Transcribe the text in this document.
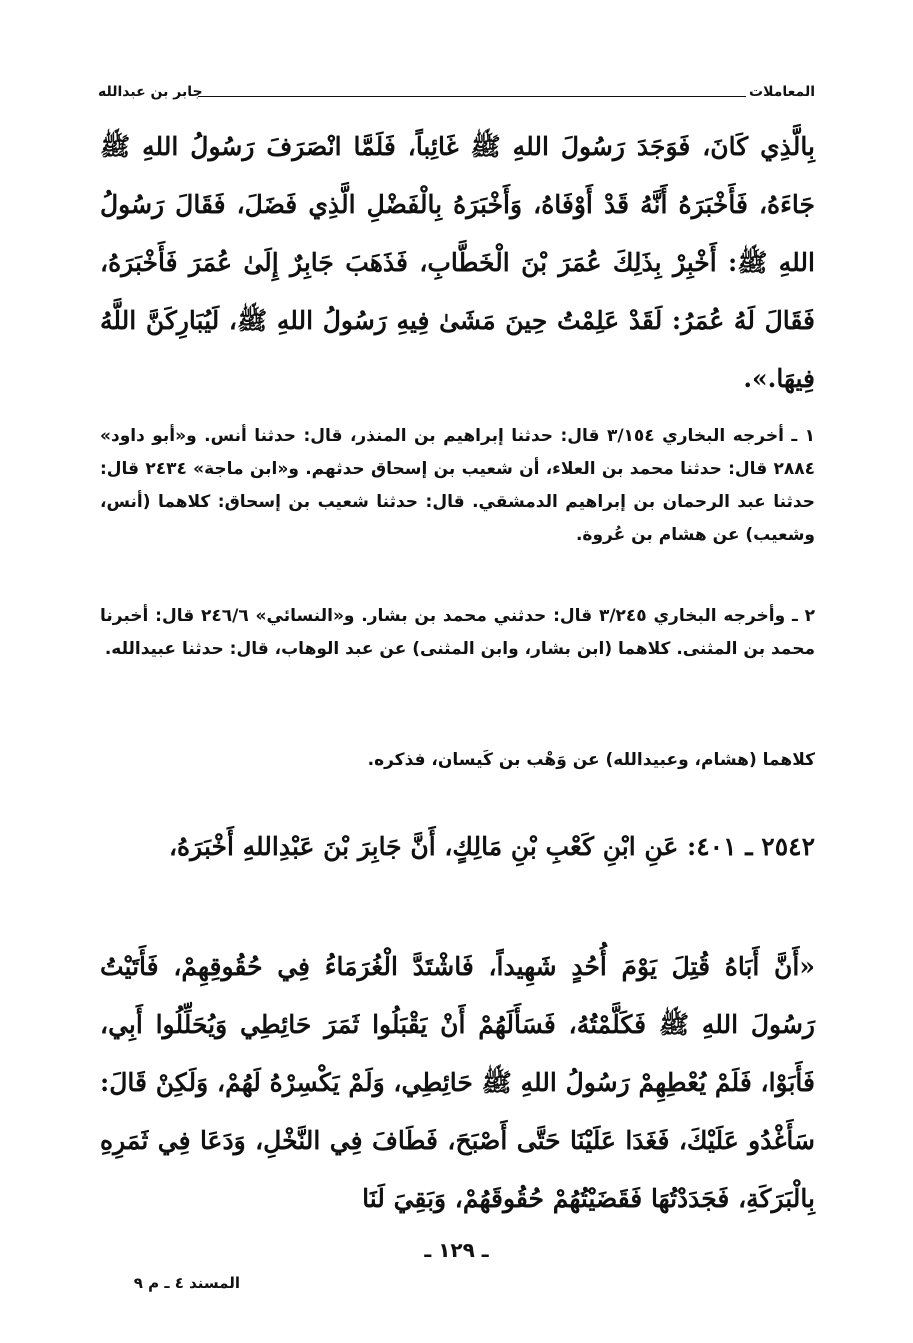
المعاملات
جابر بن عبدالله

بِالَّذِي كَانَ، فَوَجَدَ رَسُولَ اللهِ ﷺ غَائِباً، فَلَمَّا انْصَرَفَ رَسُولُ اللهِ ﷺ جَاءَهُ، فَأَخْبَرَهُ أَنَّهُ قَدْ أَوْفَاهُ، وَأَخْبَرَهُ بِالْفَضْلِ الَّذِي فَضَلَ، فَقَالَ رَسُولُ اللهِ ﷺ: أَخْبِرْ بِذَلِكَ عُمَرَ بْنَ الْخَطَّابِ، فَذَهَبَ جَابِرٌ إِلَىٰ عُمَرَ فَأَخْبَرَهُ، فَقَالَ لَهُ عُمَرُ: لَقَدْ عَلِمْتُ حِينَ مَشَىٰ فِيهِ رَسُولُ اللهِ ﷺ، لَيُبَارِكَنَّ اللَّهُ فِيهَا.».

١ ـ أخرجه البخاري ٣/١٥٤ قال: حدثنا إبراهيم بن المنذر، قال: حدثنا أنس. و«أبو داود» ٢٨٨٤ قال: حدثنا محمد بن العلاء، أن شعيب بن إسحاق حدثهم. و«ابن ماجة» ٢٤٣٤ قال: حدثنا عبد الرحمان بن إبراهيم الدمشقي. قال: حدثنا شعيب بن إسحاق: كلاهما (أنس، وشعيب) عن هشام بن عُروة.

٢ ـ وأخرجه البخاري ٣/٢٤٥ قال: حدثني محمد بن بشار. و«النسائي» ٢٤٦/٦ قال: أخبرنا محمد بن المثنى. كلاهما (ابن بشار، وابن المثنى) عن عبد الوهاب، قال: حدثنا عبيدالله.

كلاهما (هشام، وعبيدالله) عن وَهْب بن كَيسان، فذكره.

٢٥٤٢ ـ ٤٠١: عَنِ ابْنِ كَعْبِ بْنِ مَالِكٍ، أَنَّ جَابِرَ بْنَ عَبْدِاللهِ أَخْبَرَهُ،

«أَنَّ أَبَاهُ قُتِلَ يَوْمَ أُحُدٍ شَهِيداً، فَاشْتَدَّ الْغُرَمَاءُ فِي حُقُوقِهِمْ، فَأَتَيْتُ رَسُولَ اللهِ ﷺ فَكَلَّمْتُهُ، فَسَأَلَهُمْ أَنْ يَقْبَلُوا ثَمَرَ حَائِطِي وَيُحَلِّلُوا أَبِي، فَأَبَوْا، فَلَمْ يُعْطِهِمْ رَسُولُ اللهِ ﷺ حَائِطِي، وَلَمْ يَكْسِرْهُ لَهُمْ، وَلَكِنْ قَالَ: سَأَغْدُو عَلَيْكَ، فَغَدَا عَلَيْنَا حَتَّى أَصْبَحَ، فَطَافَ فِي النَّخْلِ، وَدَعَا فِي ثَمَرِهِ بِالْبَرَكَةِ، فَجَدَدْتُهَا فَقَضَيْتُهُمْ حُقُوقَهُمْ، وَبَقِيَ لَنَا

ـ ١٢٩ ـ
المسند ٤ ـ م ٩
